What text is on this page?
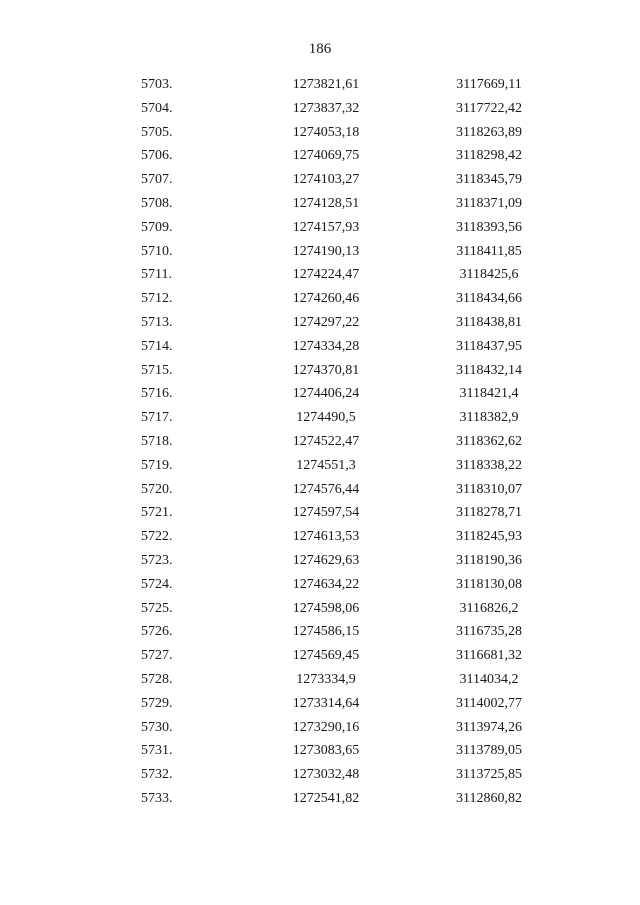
186
5703.	1273821,61	3117669,11
5704.	1273837,32	3117722,42
5705.	1274053,18	3118263,89
5706.	1274069,75	3118298,42
5707.	1274103,27	3118345,79
5708.	1274128,51	3118371,09
5709.	1274157,93	3118393,56
5710.	1274190,13	3118411,85
5711.	1274224,47	3118425,6
5712.	1274260,46	3118434,66
5713.	1274297,22	3118438,81
5714.	1274334,28	3118437,95
5715.	1274370,81	3118432,14
5716.	1274406,24	3118421,4
5717.	1274490,5	3118382,9
5718.	1274522,47	3118362,62
5719.	1274551,3	3118338,22
5720.	1274576,44	3118310,07
5721.	1274597,54	3118278,71
5722.	1274613,53	3118245,93
5723.	1274629,63	3118190,36
5724.	1274634,22	3118130,08
5725.	1274598,06	3116826,2
5726.	1274586,15	3116735,28
5727.	1274569,45	3116681,32
5728.	1273334,9	3114034,2
5729.	1273314,64	3114002,77
5730.	1273290,16	3113974,26
5731.	1273083,65	3113789,05
5732.	1273032,48	3113725,85
5733.	1272541,82	3112860,82
